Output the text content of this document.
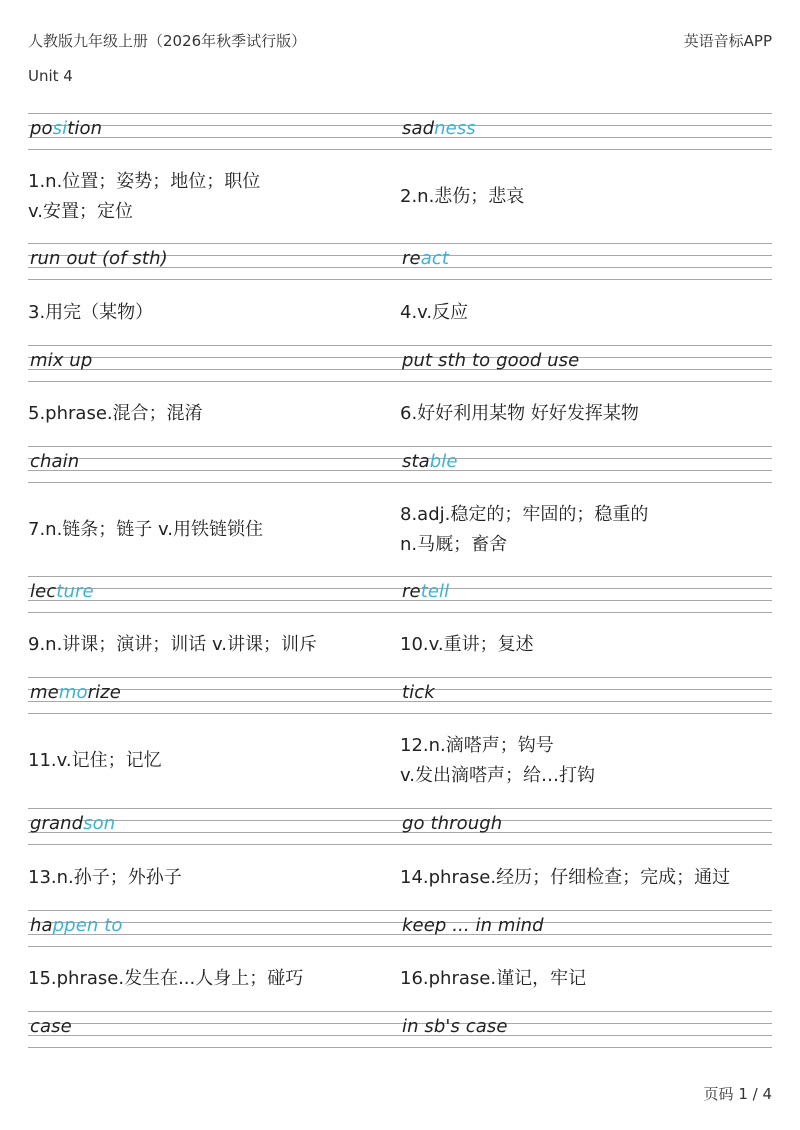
人教版九年级上册（2026年秋季试行版）	英语音标APP
Unit 4
position
1.n.位置；姿势；地位；职位
v.安置；定位
sadness
2.n.悲伤；悲哀
run out (of sth)
3.用完（某物）
react
4.v.反应
mix up
5.phrase.混合；混淆
put sth to good use
6.好好利用某物 好好发挥某物
chain
7.n.链条；链子 v.用铁链锁住
stable
8.adj.稳定的；牢固的；稳重的
n.马厩；畜舍
lecture
9.n.讲课；演讲；训话 v.讲课；训斥
retell
10.v.重讲；复述
memorize
11.v.记住；记忆
tick
12.n.滴嗒声；钩号
v.发出滴嗒声；给…打钩
grandson
13.n.孙子；外孙子
go through
14.phrase.经历；仔细检查；完成；通过
happen to
15.phrase.发生在...人身上；碰巧
keep ... in mind
16.phrase.谨记，牢记
case	in sb's case
页码 1 / 4
